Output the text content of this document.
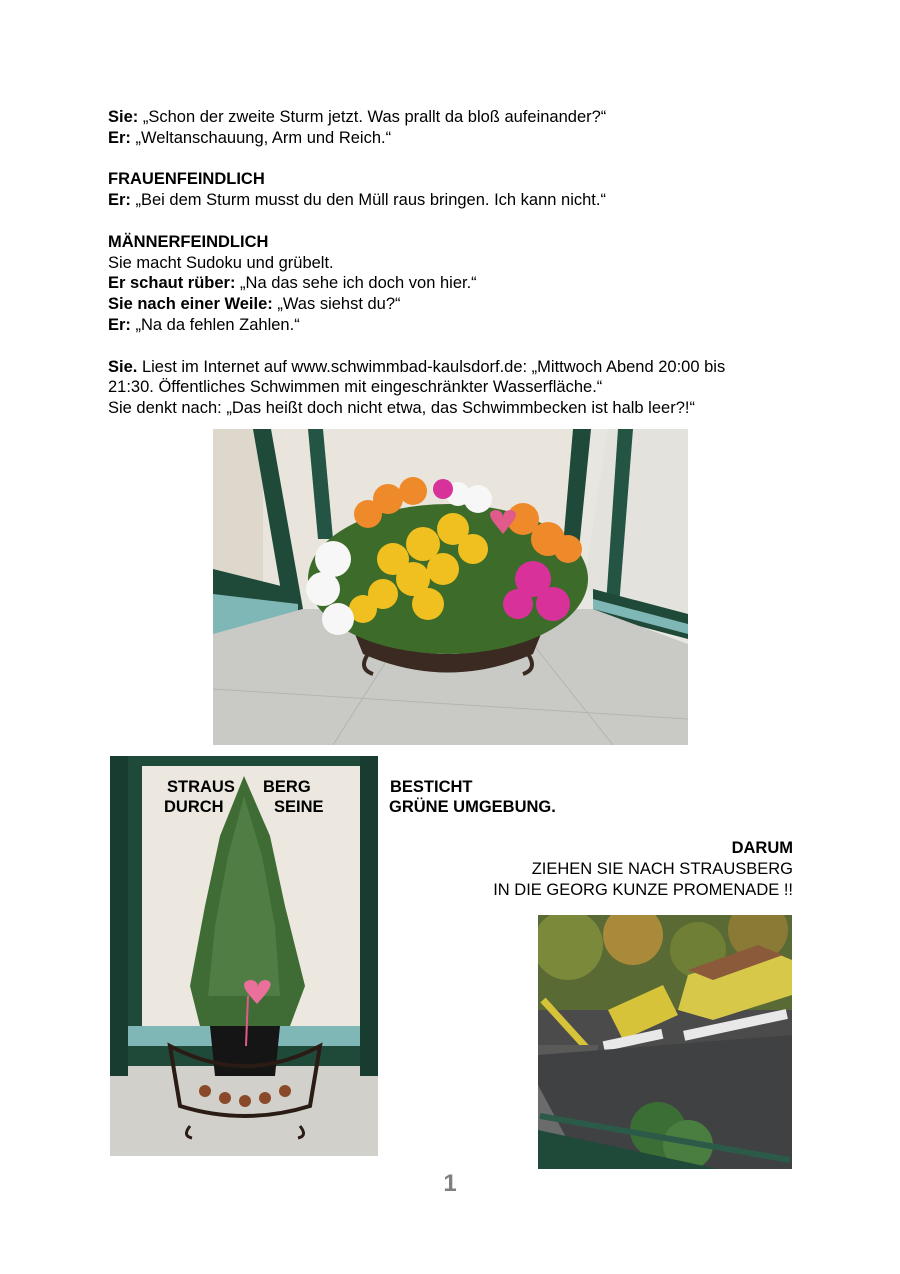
Sie: „Schon der zweite Sturm jetzt. Was prallt da bloß aufeinander?“
Er: „Weltanschauung, Arm und Reich.“
FRAUENFEINDLICH
Er: „Bei dem Sturm musst du den Müll raus bringen. Ich kann nicht.“
MÄNNERFEINDLICH
Sie macht Sudoku und grübelt.
Er schaut rüber: „Na das sehe ich doch von hier.“
Sie nach einer Weile: „Was siehst du?“
Er: „Na da fehlen Zahlen.“
Sie. Liest im Internet auf www.schwimmbad-kaulsdorf.de: „Mittwoch Abend 20:00 bis
21:30. Öffentliches Schwimmen mit eingeschränkter Wasserfläche.“
Sie denkt nach: „Das heißt doch nicht etwa, das Schwimmbecken ist halb leer?!“
STRAUS BERG
DURCH	SEINE
BESTICHT
GRÜNE UMGEBUNG.
DARUM
ZIEHEN SIE NACH STRAUSBERG
IN DIE GEORG KUNZE PROMENADE !!
1
